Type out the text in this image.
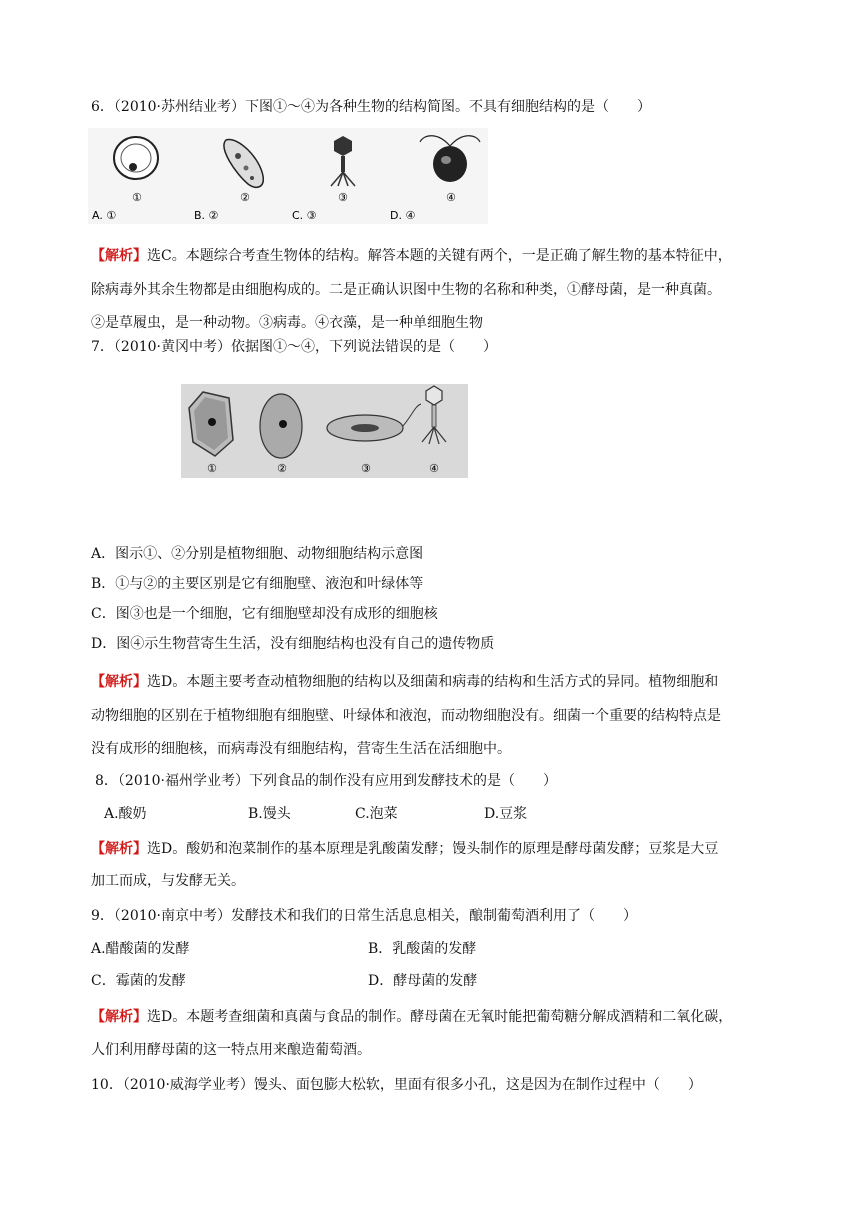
6．（2010·苏州结业考）下图①～④为各种生物的结构简图。不具有细胞结构的是（　　）
①	②	③	④
A. ①	B. ②	C. ③	D. ④
【解析】选C。本题综合考查生物体的结构。解答本题的关键有两个，一是正确了解生物的基本特征中，
除病毒外其余生物都是由细胞构成的。二是正确认识图中生物的名称和种类，①酵母菌，是一种真菌。
②是草履虫，是一种动物。③病毒。④衣藻，是一种单细胞生物
7．（2010·黄冈中考）依据图①～④，下列说法错误的是（　　）
①	②	③	④
A．图示①、②分别是植物细胞、动物细胞结构示意图
B．①与②的主要区别是它有细胞壁、液泡和叶绿体等
C．图③也是一个细胞，它有细胞壁却没有成形的细胞核
D．图④示生物营寄生生活，没有细胞结构也没有自己的遗传物质
【解析】选D。本题主要考查动植物细胞的结构以及细菌和病毒的结构和生活方式的异同。植物细胞和
动物细胞的区别在于植物细胞有细胞壁、叶绿体和液泡，而动物细胞没有。细菌一个重要的结构特点是
没有成形的细胞核，而病毒没有细胞结构，营寄生生活在活细胞中。
8．（2010·福州学业考）下列食品的制作没有应用到发酵技术的是（　　）
A.酸奶	B.馒头	C.泡菜	D.豆浆
【解析】选D。酸奶和泡菜制作的基本原理是乳酸菌发酵；馒头制作的原理是酵母菌发酵；豆浆是大豆
加工而成，与发酵无关。
9．（2010·南京中考）发酵技术和我们的日常生活息息相关，酿制葡萄酒利用了（　　）
A.醋酸菌的发酵	B．乳酸菌的发酵
C．霉菌的发酵	D．酵母菌的发酵
【解析】选D。本题考查细菌和真菌与食品的制作。酵母菌在无氧时能把葡萄糖分解成酒精和二氧化碳，
人们利用酵母菌的这一特点用来酿造葡萄酒。
10．（2010·威海学业考）馒头、面包膨大松软，里面有很多小孔，这是因为在制作过程中（　　）
